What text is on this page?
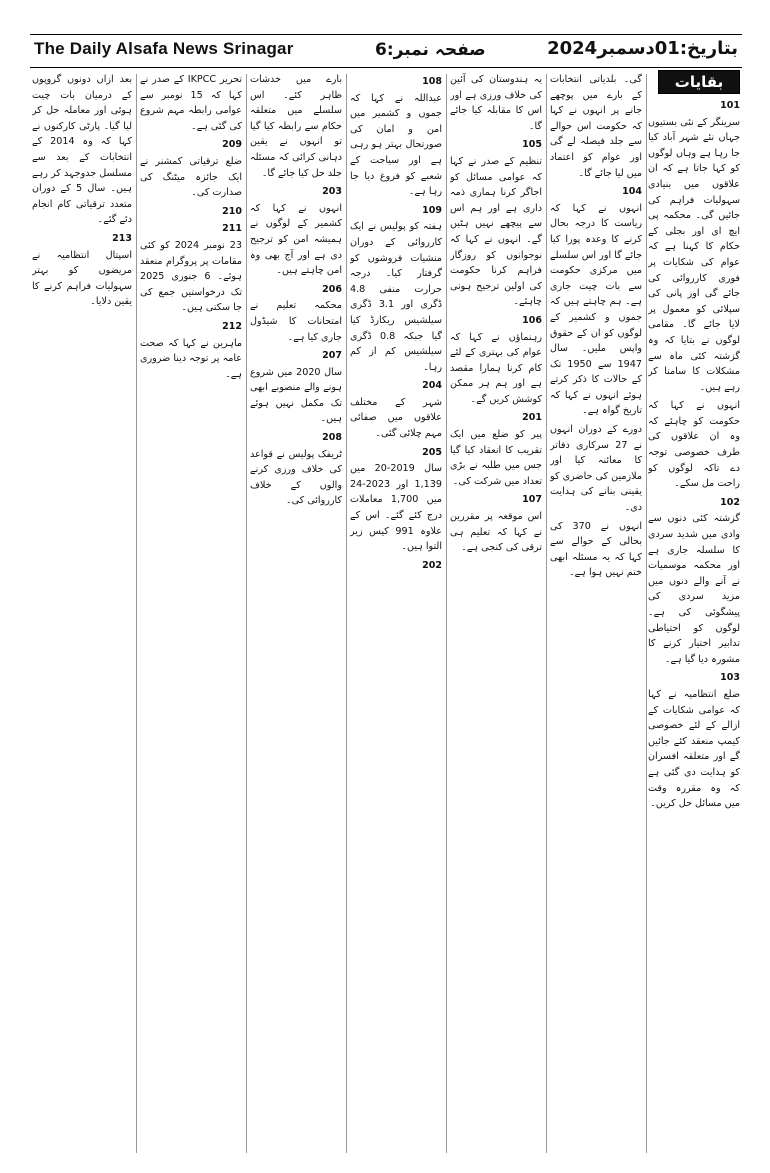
The Daily Alsafa News Srinagar	صفحہ نمبر:6	بتاریخ:01دسمبر2024
بقایات
101

سرینگر کے نئی بستیوں جہاں نئے شہر آباد کیا جا رہا ہے وہاں لوگوں کو کہا جاتا ہے کہ ان علاقوں میں بنیادی سہولیات فراہم کی جائیں گی۔ محکمہ پی ایچ ای اور بجلی کے حکام کا کہنا ہے کہ عوام کی شکایات پر فوری کارروائی کی جائے گی اور پانی کی سپلائی کو معمول پر لایا جائے گا۔ مقامی لوگوں نے بتایا کہ وہ گزشتہ کئی ماہ سے مشکلات کا سامنا کر رہے ہیں۔

انہوں نے کہا کہ حکومت کو چاہئے کہ وہ ان علاقوں کی طرف خصوصی توجہ دے تاکہ لوگوں کو راحت مل سکے۔

102

گزشتہ کئی دنوں سے وادی میں شدید سردی کا سلسلہ جاری ہے اور محکمہ موسمیات نے آنے والے دنوں میں مزید سردی کی پیشگوئی کی ہے۔ لوگوں کو احتیاطی تدابیر اختیار کرنے کا مشورہ دیا گیا ہے۔

103

ضلع انتظامیہ نے کہا کہ عوامی شکایات کے ازالے کے لئے خصوصی کیمپ منعقد کئے جائیں گے اور متعلقہ افسران کو ہدایت دی گئی ہے کہ وہ مقررہ وقت میں مسائل حل کریں۔

گی۔ بلدیاتی انتخابات کے بارے میں پوچھے جانے پر انہوں نے کہا کہ حکومت اس حوالے سے جلد فیصلہ لے گی اور عوام کو اعتماد میں لیا جائے گا۔

104

انہوں نے کہا کہ ریاست کا درجہ بحال کرنے کا وعدہ پورا کیا جائے گا اور اس سلسلے میں مرکزی حکومت سے بات چیت جاری ہے۔ ہم چاہتے ہیں کہ جموں و کشمیر کے لوگوں کو ان کے حقوق واپس ملیں۔ سال 1947 سے 1950 تک کے حالات کا ذکر کرتے ہوئے انہوں نے کہا کہ تاریخ گواہ ہے۔

دورے کے دوران انہوں نے 27 سرکاری دفاتر کا معائنہ کیا اور ملازمین کی حاضری کو یقینی بنانے کی ہدایت دی۔

انہوں نے 370 کی بحالی کے حوالے سے کہا کہ یہ مسئلہ ابھی ختم نہیں ہوا ہے۔

یہ ہندوستان کی آئین کی خلاف ورزی ہے اور اس کا مقابلہ کیا جائے گا۔

105

تنظیم کے صدر نے کہا کہ عوامی مسائل کو اجاگر کرنا ہماری ذمہ داری ہے اور ہم اس سے پیچھے نہیں ہٹیں گے۔ انہوں نے کہا کہ نوجوانوں کو روزگار فراہم کرنا حکومت کی اولین ترجیح ہونی چاہئے۔

106

رہنماؤں نے کہا کہ عوام کی بہتری کے لئے کام کرنا ہمارا مقصد ہے اور ہم ہر ممکن کوشش کریں گے۔

201

پیر کو ضلع میں ایک تقریب کا انعقاد کیا گیا جس میں طلبہ نے بڑی تعداد میں شرکت کی۔

107

اس موقعہ پر مقررین نے کہا کہ تعلیم ہی ترقی کی کنجی ہے۔

108

عبداللہ نے کہا کہ جموں و کشمیر میں امن و امان کی صورتحال بہتر ہو رہی ہے اور سیاحت کے شعبے کو فروغ دیا جا رہا ہے۔

109

ہفتہ کو پولیس نے ایک کارروائی کے دوران منشیات فروشوں کو گرفتار کیا۔ درجہ حرارت منفی 4.8 ڈگری اور 3.1 ڈگری سیلشیس ریکارڈ کیا گیا جبکہ 0.8 ڈگری سیلشیس کم از کم رہا۔

204

شہر کے مختلف علاقوں میں صفائی مہم چلائی گئی۔

205

سال 2019-20 میں 1,139 اور 2023-24 میں 1,700 معاملات درج کئے گئے۔ اس کے علاوہ 991 کیس زیر التوا ہیں۔

202

بارے میں خدشات ظاہر کئے۔ اس سلسلے میں متعلقہ حکام سے رابطہ کیا گیا تو انہوں نے یقین دہانی کرائی کہ مسئلہ جلد حل کیا جائے گا۔

203

انہوں نے کہا کہ کشمیر کے لوگوں نے ہمیشہ امن کو ترجیح دی ہے اور آج بھی وہ امن چاہتے ہیں۔

206

محکمہ تعلیم نے امتحانات کا شیڈول جاری کیا ہے۔

207

سال 2020 میں شروع ہونے والے منصوبے ابھی تک مکمل نہیں ہوئے ہیں۔

208

ٹریفک پولیس نے قواعد کی خلاف ورزی کرنے والوں کے خلاف کارروائی کی۔

تحریر IKPCC کے صدر نے کہا کہ 15 نومبر سے عوامی رابطہ مہم شروع کی گئی ہے۔

209

ضلع ترقیاتی کمشنر نے ایک جائزہ میٹنگ کی صدارت کی۔

210
211

23 نومبر 2024 کو کئی مقامات پر پروگرام منعقد ہوئے۔ 6 جنوری 2025 تک درخواستیں جمع کی جا سکتی ہیں۔

212

ماہرین نے کہا کہ صحت عامہ پر توجہ دینا ضروری ہے۔

بعد ازاں دونوں گروپوں کے درمیان بات چیت ہوئی اور معاملہ حل کر لیا گیا۔ پارٹی کارکنوں نے کہا کہ وہ 2014 کے انتخابات کے بعد سے مسلسل جدوجہد کر رہے ہیں۔ سال 5 کے دوران متعدد ترقیاتی کام انجام دئے گئے۔

213

اسپتال انتظامیہ نے مریضوں کو بہتر سہولیات فراہم کرنے کا یقین دلایا۔
